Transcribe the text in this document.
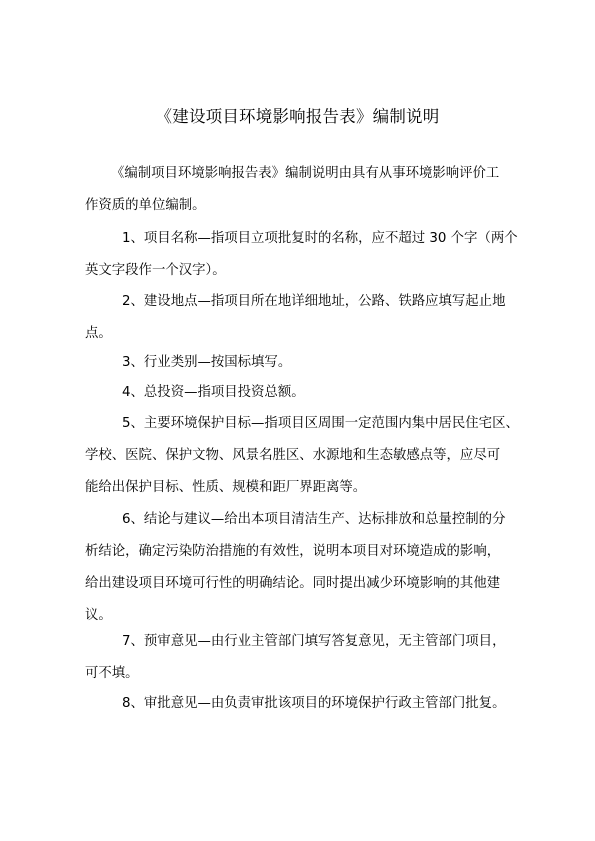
《建设项目环境影响报告表》编制说明
《编制项目环境影响报告表》编制说明由具有从事环境影响评价工
作资质的单位编制。
1、项目名称—指项目立项批复时的名称，应不超过 30 个字（两个
英文字段作一个汉字）。
2、建设地点—指项目所在地详细地址，公路、铁路应填写起止地
点。
3、行业类别—按国标填写。
4、总投资—指项目投资总额。
5、主要环境保护目标—指项目区周围一定范围内集中居民住宅区、
学校、医院、保护文物、风景名胜区、水源地和生态敏感点等，应尽可
能给出保护目标、性质、规模和距厂界距离等。
6、结论与建议—给出本项目清洁生产、达标排放和总量控制的分
析结论，确定污染防治措施的有效性，说明本项目对环境造成的影响，
给出建设项目环境可行性的明确结论。同时提出减少环境影响的其他建
议。
7、预审意见—由行业主管部门填写答复意见，无主管部门项目，
可不填。
8、审批意见—由负责审批该项目的环境保护行政主管部门批复。
